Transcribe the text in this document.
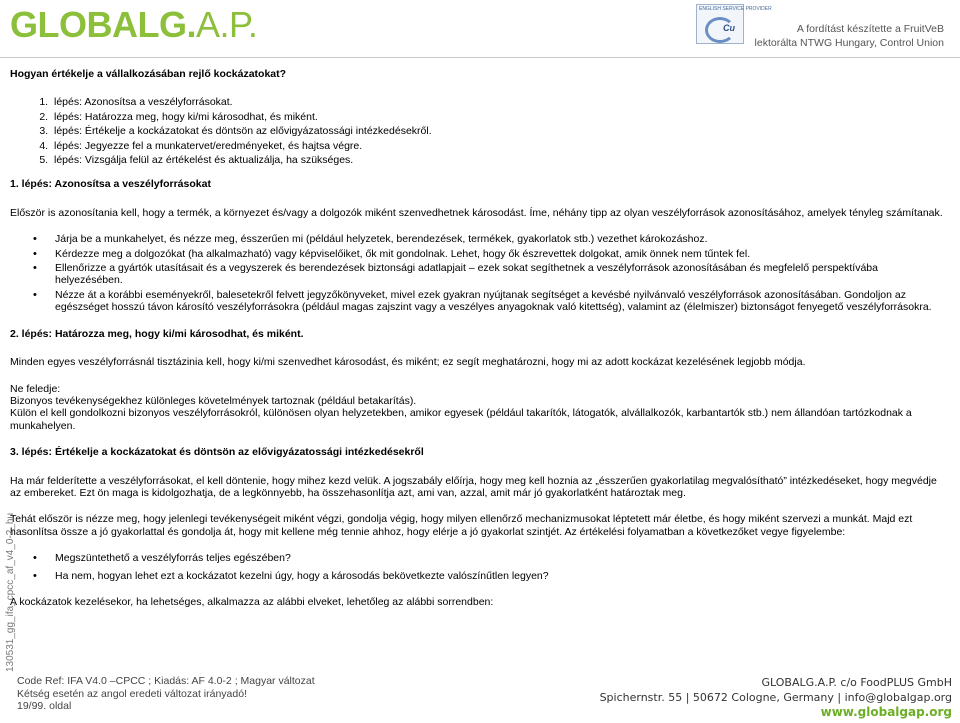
GLOBALG.A.P.	ENGLISH SERVICE PROVIDER
Cu	A fordítást készítette a FruitVeB
lektorálta NTWG Hungary, Control Union

Hogyan értékelje a vállalkozásában rejlő kockázatokat?

1. lépés: Azonosítsa a veszélyforrásokat.
2. lépés: Határozza meg, hogy ki/mi károsodhat, és miként.
3. lépés: Értékelje a kockázatokat és döntsön az elővigyázatossági intézkedésekről.
4. lépés: Jegyezze fel a munkatervet/eredményeket, és hajtsa végre.
5. lépés: Vizsgálja felül az értékelést és aktualizálja, ha szükséges.
1. lépés: Azonosítsa a veszélyforrásokat

Először is azonosítania kell, hogy a termék, a környezet és/vagy a dolgozók miként szenvedhetnek károsodást. Íme, néhány tipp az olyan veszélyforrások azonosításához, amelyek tényleg számítanak.

• Járja be a munkahelyet, és nézze meg, ésszerűen mi (például helyzetek, berendezések, termékek, gyakorlatok stb.) vezethet károkozáshoz.
• Kérdezze meg a dolgozókat (ha alkalmazható) vagy képviselőiket, ők mit gondolnak. Lehet, hogy ők észrevettek dolgokat, amik önnek nem tűntek fel.
• Ellenőrizze a gyártók utasításait és a vegyszerek és berendezések biztonsági adatlapjait – ezek sokat segíthetnek a veszélyforrások azonosításában és megfelelő perspektívába helyezésében.
• Nézze át a korábbi eseményekről, balesetekről felvett jegyzőkönyveket, mivel ezek gyakran nyújtanak segítséget a kevésbé nyilvánvaló veszélyforrások azonosításában. Gondoljon az egészséget hosszú távon károsító veszélyforrásokra (például magas zajszint vagy a veszélyes anyagoknak való kitettség), valamint az (élelmiszer) biztonságot fenyegető veszélyforrásokra.
2. lépés: Határozza meg, hogy ki/mi károsodhat, és miként.

Minden egyes veszélyforrásnál tisztázinia kell, hogy ki/mi szenvedhet károsodást, és miként; ez segít meghatározni, hogy mi az adott kockázat kezelésének legjobb módja.

Ne feledje:

Bizonyos tevékenységekhez különleges követelmények tartoznak (például betakarítás).

Külön el kell gondolkozni bizonyos veszélyforrásokról, különösen olyan helyzetekben, amikor egyesek (például takarítók, látogatók, alvállalkozók, karbantartók stb.) nem állandóan tartózkodnak a munkahelyen.

3. lépés: Értékelje a kockázatokat és döntsön az elővigyázatossági intézkedésekről

Ha már felderítette a veszélyforrásokat, el kell döntenie, hogy mihez kezd velük. A jogszabály előírja, hogy meg kell hoznia az „ésszerűen gyakorlatilag megvalósítható” intézkedéseket, hogy megvédje az embereket. Ezt ön maga is kidolgozhatja, de a legkönnyebb, ha összehasonlítja azt, ami van, azzal, amit már jó gyakorlatként határoztak meg.

Tehát először is nézze meg, hogy jelenlegi tevékenységeit miként végzi, gondolja végig, hogy milyen ellenőrző mechanizmusokat léptetett már életbe, és hogy miként szervezi a munkát. Majd ezt hasonlítsa össze a jó gyakorlattal és gondolja át, hogy mit kellene még tennie ahhoz, hogy elérje a jó gyakorlat szintjét. Az értékelési folyamatban a következőket vegye figyelembe:

• Megszüntethető a veszélyforrás teljes egészében?
• Ha nem, hogyan lehet ezt a kockázatot kezelni úgy, hogy a károsodás bekövetkezte valószínűtlen legyen?

A kockázatok kezelésekor, ha lehetséges, alkalmazza az alábbi elveket, lehetőleg az alábbi sorrendben:

130531_gg_ifa_cpcc_af_v4_0-2_hu
Code Ref: IFA V4.0 –CPCC ; Kiadás: AF 4.0-2 ; Magyar változat
Kétség esetén az angol eredeti változat irányadó!
19/99. oldal
GLOBALG.A.P. c/o FoodPLUS GmbH
Spichernstr. 55 | 50672 Cologne, Germany | info@globalgap.org
www.globalgap.org
